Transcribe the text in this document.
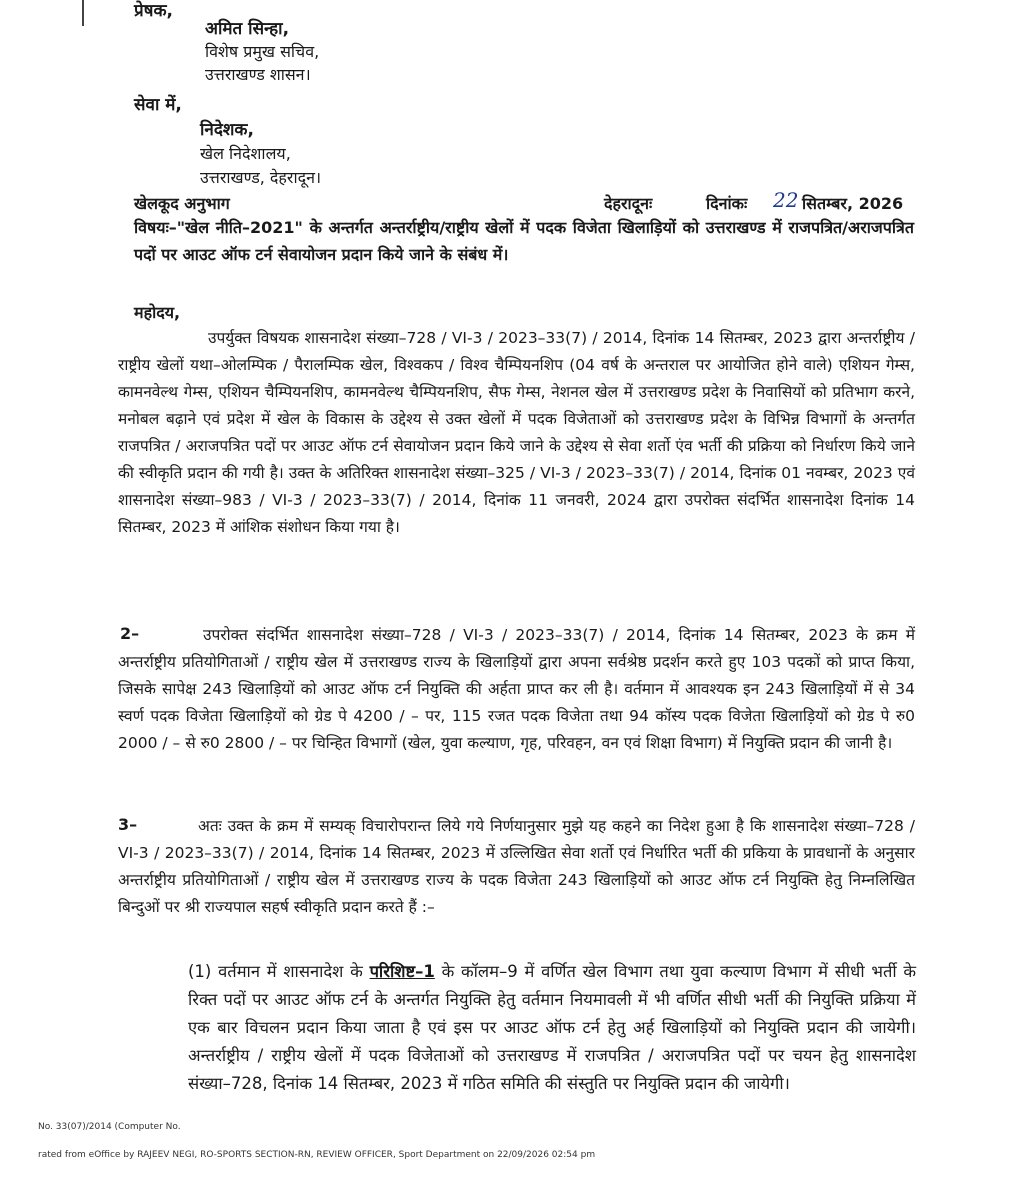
प्रेषक,
अमित सिन्हा,
विशेष प्रमुख सचिव,
उत्तराखण्ड शासन।
सेवा में,
निदेशक,
खेल निदेशालय,
उत्तराखण्ड, देहरादून।
खेलकूद अनुभाग	देहरादूनः	दिनांकः 22 सितम्बर, 2026
विषयः–"खेल नीति–2021" के अन्तर्गत अन्तर्राष्ट्रीय/राष्ट्रीय खेलों में पदक विजेता खिलाड़ियों को उत्तराखण्ड में राजपत्रित/अराजपत्रित पदों पर आउट ऑफ टर्न सेवायोजन प्रदान किये जाने के संबंध में।
महोदय,
उपर्युक्त विषयक शासनादेश संख्या–728 / VI-3 / 2023–33(7) / 2014, दिनांक 14 सितम्बर, 2023 द्वारा अन्तर्राष्ट्रीय / राष्ट्रीय खेलों यथा–ओलम्पिक / पैरालम्पिक खेल, विश्वकप / विश्व चैम्पियनशिप (04 वर्ष के अन्तराल पर आयोजित होने वाले) एशियन गेम्स, कामनवेल्थ गेम्स, एशियन चैम्पियनशिप, कामनवेल्थ चैम्पियनशिप, सैफ गेम्स, नेशनल खेल में उत्तराखण्ड प्रदेश के निवासियों को प्रतिभाग करने, मनोबल बढ़ाने एवं प्रदेश में खेल के विकास के उद्देश्य से उक्त खेलों में पदक विजेताओं को उत्तराखण्ड प्रदेश के विभिन्न विभागों के अन्तर्गत राजपत्रित / अराजपत्रित पदों पर आउट ऑफ टर्न सेवायोजन प्रदान किये जाने के उद्देश्य से सेवा शर्तो एंव भर्ती की प्रक्रिया को निर्धारण किये जाने की स्वीकृति प्रदान की गयी है। उक्त के अतिरिक्त शासनादेश संख्या–325 / VI-3 / 2023–33(7) / 2014, दिनांक 01 नवम्बर, 2023 एवं शासनादेश संख्या–983 / VI-3 / 2023–33(7) / 2014, दिनांक 11 जनवरी, 2024 द्वारा उपरोक्त संदर्भित शासनादेश दिनांक 14 सितम्बर, 2023 में आंशिक संशोधन किया गया है।
2–	उपरोक्त संदर्भित शासनादेश संख्या–728 / VI-3 / 2023–33(7) / 2014, दिनांक 14 सितम्बर, 2023 के क्रम में अन्तर्राष्ट्रीय प्रतियोगिताओं / राष्ट्रीय खेल में उत्तराखण्ड राज्य के खिलाड़ियों द्वारा अपना सर्वश्रेष्ठ प्रदर्शन करते हुए 103 पदकों को प्राप्त किया, जिसके सापेक्ष 243 खिलाड़ियों को आउट ऑफ टर्न नियुक्ति की अर्हता प्राप्त कर ली है। वर्तमान में आवश्यक इन 243 खिलाड़ियों में से 34 स्वर्ण पदक विजेता खिलाड़ियों को ग्रेड पे 4200 / – पर, 115 रजत पदक विजेता तथा 94 कॉस्य पदक विजेता खिलाड़ियों को ग्रेड पे रु0 2000 / – से रु0 2800 / – पर चिन्हित विभागों (खेल, युवा कल्याण, गृह, परिवहन, वन एवं शिक्षा विभाग) में नियुक्ति प्रदान की जानी है।
3–	अतः उक्त के क्रम में सम्यक् विचारोपरान्त लिये गये निर्णयानुसार मुझे यह कहने का निदेश हुआ है कि शासनादेश संख्या–728 / VI-3 / 2023–33(7) / 2014, दिनांक 14 सितम्बर, 2023 में उल्लिखित सेवा शर्तो एवं निर्धारित भर्ती की प्रकिया के प्रावधानों के अनुसार अन्तर्राष्ट्रीय प्रतियोगिताओं / राष्ट्रीय खेल में उत्तराखण्ड राज्य के पदक विजेता 243 खिलाड़ियों को आउट ऑफ टर्न नियुक्ति हेतु निम्नलिखित बिन्दुओं पर श्री राज्यपाल सहर्ष स्वीकृति प्रदान करते हैं :–
(1) वर्तमान में शासनादेश के परिशिष्ट–1 के कॉलम–9 में वर्णित खेल विभाग तथा युवा कल्याण विभाग में सीधी भर्ती के रिक्त पदों पर आउट ऑफ टर्न के अन्तर्गत नियुक्ति हेतु वर्तमान नियमावली में भी वर्णित सीधी भर्ती की नियुक्ति प्रक्रिया में एक बार विचलन प्रदान किया जाता है एवं इस पर आउट ऑफ टर्न हेतु अर्ह खिलाड़ियों को नियुक्ति प्रदान की जायेगी।अन्तर्राष्ट्रीय / राष्ट्रीय खेलों में पदक विजेताओं को उत्तराखण्ड में राजपत्रित / अराजपत्रित पदों पर चयन हेतु शासनादेश संख्या–728, दिनांक 14 सितम्बर, 2023 में गठित समिति की संस्तुति पर नियुक्ति प्रदान की जायेगी।
No. 33(07)/2014 (Computer No.
rated from eOffice by RAJEEV NEGI, RO-SPORTS SECTION-RN, REVIEW OFFICER, Sport Department on 22/09/2026 02:54 pm
